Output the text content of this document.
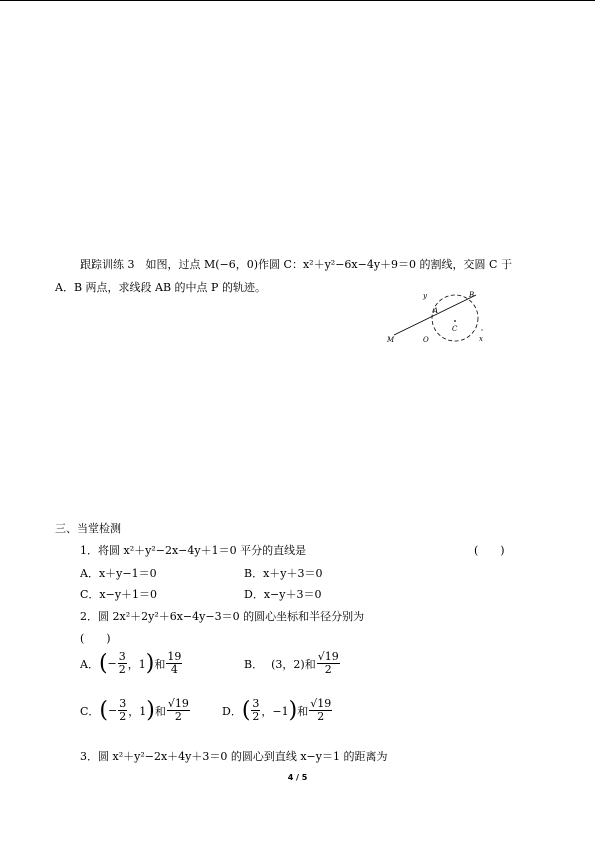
跟踪训练 3　如图，过点 M(−6，0)作圆 C：x²＋y²−6x−4y＋9＝0 的割线，交圆 C 于
A．B 两点，求线段 AB 的中点 P 的轨迹。
y	B
A
C
M	O	x
三、当堂检测
1．将圆 x²＋y²−2x−4y＋1＝0 平分的直线是	(　　)
A．x＋y−1＝0	B．x＋y＋3＝0
C．x−y＋1＝0	D．x−y＋3＝0
2．圆 2x²＋2y²＋6x−4y−3＝0 的圆心坐标和半径分别为
(　　)
A． ( − $\frac{3}{2}$ ，1 ) 和 $\frac{19}{4}$	B． (3，2) 和 $\frac{√19}{2}$
C． ( − $\frac{3}{2}$ ，1 ) 和 $\frac{√19}{2}$	D． ( $\frac{3}{2}$ ，−1 ) 和 $\frac{√19}{2}$
3．圆 x²＋y²−2x＋4y＋3＝0 的圆心到直线 x−y＝1 的距离为
4 / 5
